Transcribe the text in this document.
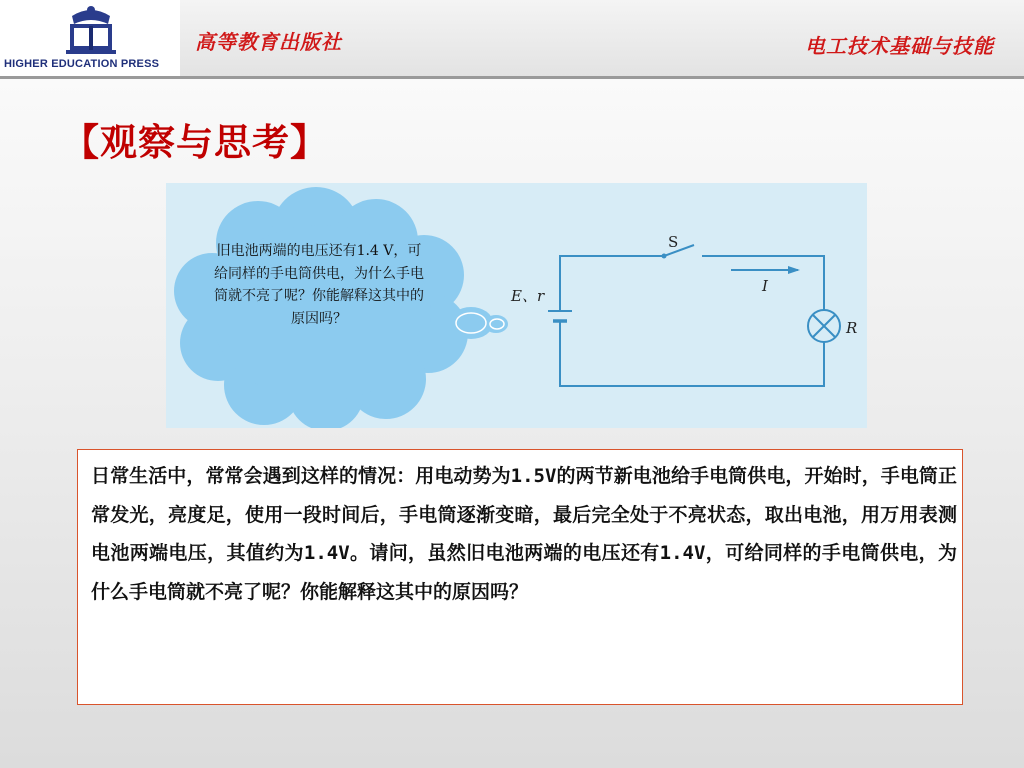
HIGHER EDUCATION PRESS
高等教育出版社	电工技术基础与技能
【观察与思考】
E、r
S
I
R
旧电池两端的电压还有1.4 V，可给同样的手电筒供电，为什么手电筒就不亮了呢？你能解释这其中的原因吗？
日常生活中，常常会遇到这样的情况：用电动势为1.5V的两节新电池给手电筒供电，开始时，手电筒正常发光，亮度足，使用一段时间后，手电筒逐渐变暗，最后完全处于不亮状态，取出电池，用万用表测电池两端电压，其值约为1.4V。请问，虽然旧电池两端的电压还有1.4V，可给同样的手电筒供电，为什么手电筒就不亮了呢？你能解释这其中的原因吗？
